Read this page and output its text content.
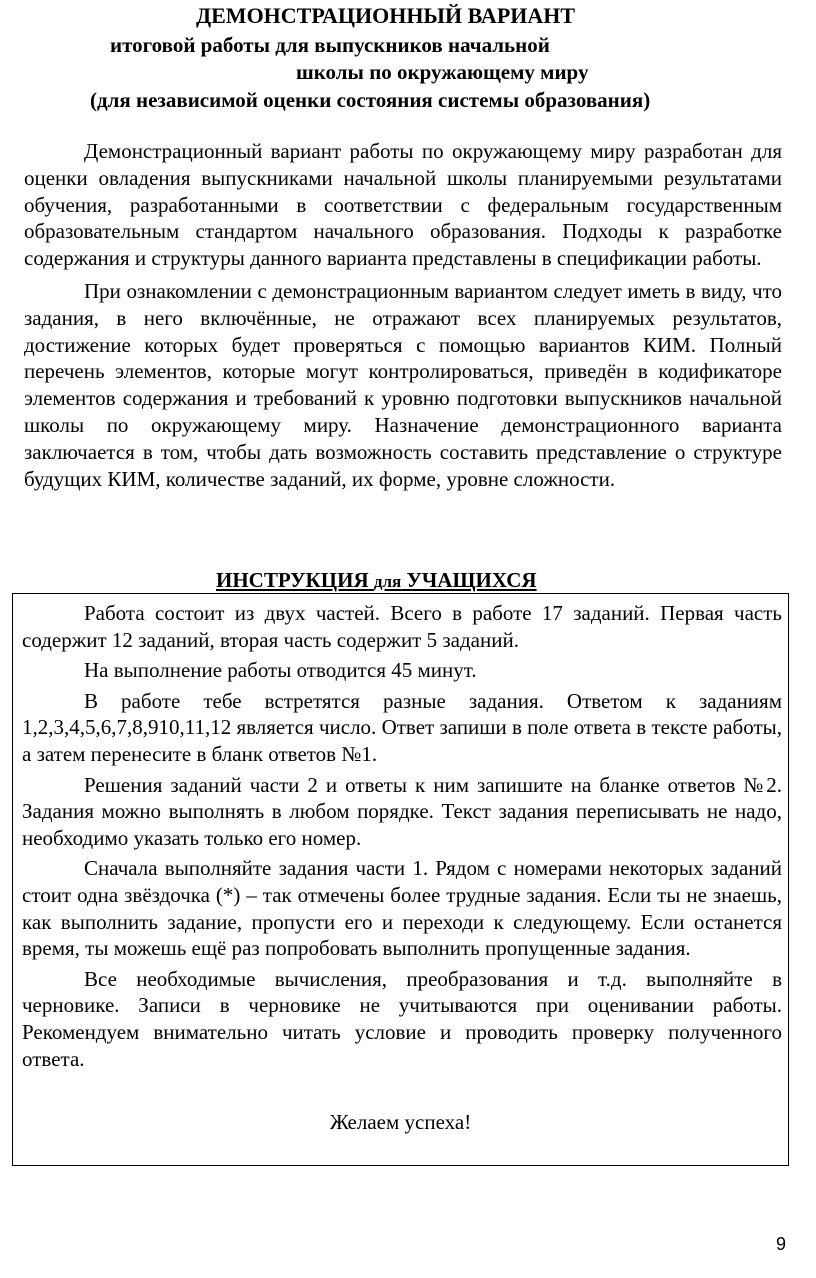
ДЕМОНСТРАЦИОННЫЙ ВАРИАНТ
итоговой работы для выпускников начальной
школы по окружающему миру
(для независимой оценки состояния системы образования)

Демонстрационный вариант работы по окружающему миру разработан для оценки овладения выпускниками начальной школы планируемыми результатами обучения, разработанными в соответствии с федеральным государственным образовательным стандартом начального образования. Подходы к разработке содержания и структуры данного варианта представлены в спецификации работы.

При ознакомлении с демонстрационным вариантом следует иметь в виду, что задания, в него включённые, не отражают всех планируемых результатов, достижение которых будет проверяться с помощью вариантов КИМ. Полный перечень элементов, которые могут контролироваться, приведён в кодификаторе элементов содержания и требований к уровню подготовки выпускников начальной школы по окружающему миру. Назначение демонстрационного варианта заключается в том, чтобы дать возможность составить представление о структуре будущих КИМ, количестве заданий, их форме, уровне сложности.

ИНСТРУКЦИЯ для УЧАЩИХСЯ

Работа состоит из двух частей. Всего в работе 17 заданий. Первая часть содержит 12 заданий, вторая часть содержит 5 заданий.

На выполнение работы отводится 45 минут.

В работе тебе встретятся разные задания. Ответом к заданиям 1,2,3,4,5,6,7,8,910,11,12 является число. Ответ запиши в поле ответа в тексте работы, а затем перенесите в бланк ответов №1.

Решения заданий части 2 и ответы к ним запишите на бланке ответов №2. Задания можно выполнять в любом порядке. Текст задания переписывать не надо, необходимо указать только его номер.

Сначала выполняйте задания части 1. Рядом с номерами некоторых заданий стоит одна звёздочка (*) – так отмечены более трудные задания. Если ты не знаешь, как выполнить задание, пропусти его и переходи к следующему. Если останется время, ты можешь ещё раз попробовать выполнить пропущенные задания.

Все необходимые вычисления, преобразования и т.д. выполняйте в черновике. Записи в черновике не учитываются при оценивании работы. Рекомендуем внимательно читать условие и проводить проверку полученного ответа.

Желаем успеха!
9
